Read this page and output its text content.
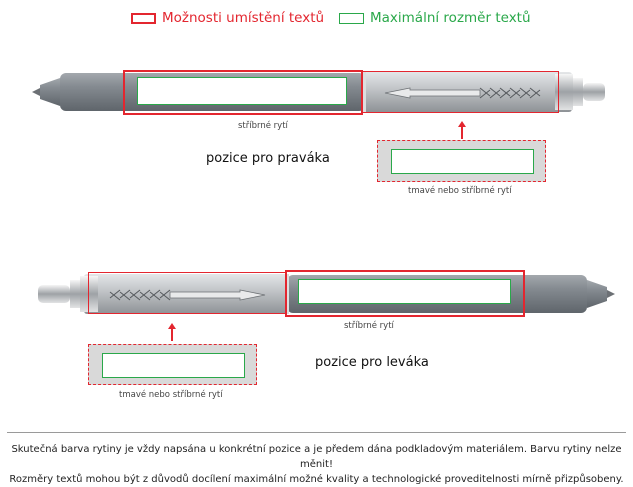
Možnosti umístění textů	Maximální rozměr textů
stříbrné rytí
tmavé nebo stříbrné rytí
pozice pro praváka
stříbrné rytí
tmavé nebo stříbrné rytí
pozice pro leváka
Skutečná barva rytiny je vždy napsána u konkrétní pozice a je předem dána podkladovým materiálem. Barvu rytiny nelze měnit!
Rozměry textů mohou být z důvodů docílení maximální možné kvality a technologické proveditelnosti mírně přizpůsobeny.
